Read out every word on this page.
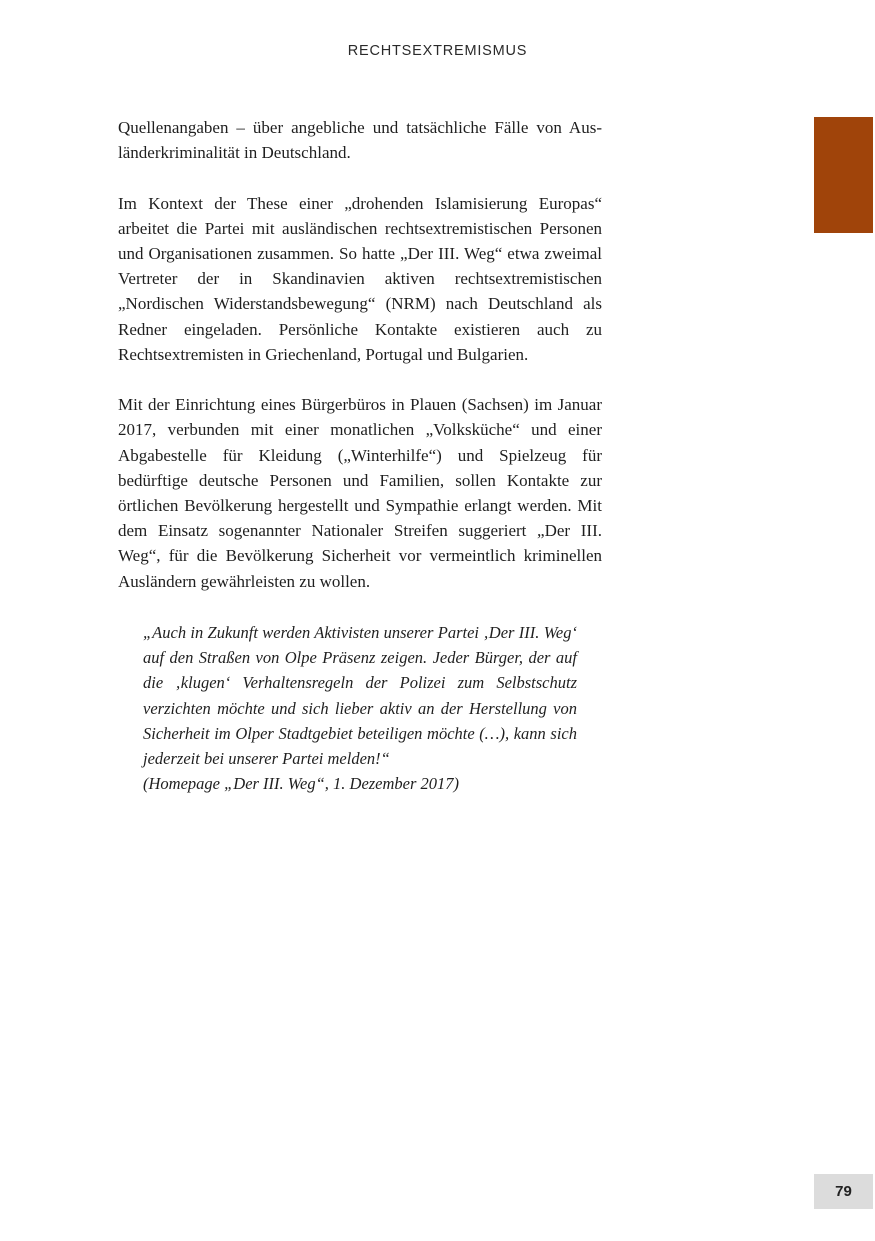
RECHTSEXTREMISMUS

Quellenangaben – über angebliche und tatsächliche Fälle von Ausländerkriminalität in Deutschland.

Im Kontext der These einer „drohenden Islamisierung Europas“ arbeitet die Partei mit ausländischen rechtsextremistischen Personen und Organisationen zusammen. So hatte „Der III. Weg“ etwa zweimal Vertreter der in Skandinavien aktiven rechtsextremistischen „Nordischen Widerstandsbewegung“ (NRM) nach Deutschland als Redner eingeladen. Persönliche Kontakte existieren auch zu Rechtsextremisten in Griechenland, Portugal und Bulgarien.

Mit der Einrichtung eines Bürgerbüros in Plauen (Sachsen) im Januar 2017, verbunden mit einer monatlichen „Volksküche“ und einer Abgabestelle für Kleidung („Winterhilfe“) und Spielzeug für bedürftige deutsche Personen und Familien, sollen Kontakte zur örtlichen Bevölkerung hergestellt und Sympathie erlangt werden. Mit dem Einsatz sogenannter Nationaler Streifen suggeriert „Der III. Weg“, für die Bevölkerung Sicherheit vor vermeintlich kriminellen Ausländern gewährleisten zu wollen.

„Auch in Zukunft werden Aktivisten unserer Partei ‚Der III. Weg‘ auf den Straßen von Olpe Präsenz zeigen. Jeder Bürger, der auf die ‚klugen‘ Verhaltensregeln der Polizei zum Selbstschutz verzichten möchte und sich lieber aktiv an der Herstellung von Sicherheit im Olper Stadtgebiet beteiligen möchte (…), kann sich jederzeit bei unserer Partei melden!“

(Homepage „Der III. Weg“, 1. Dezember 2017)

79
